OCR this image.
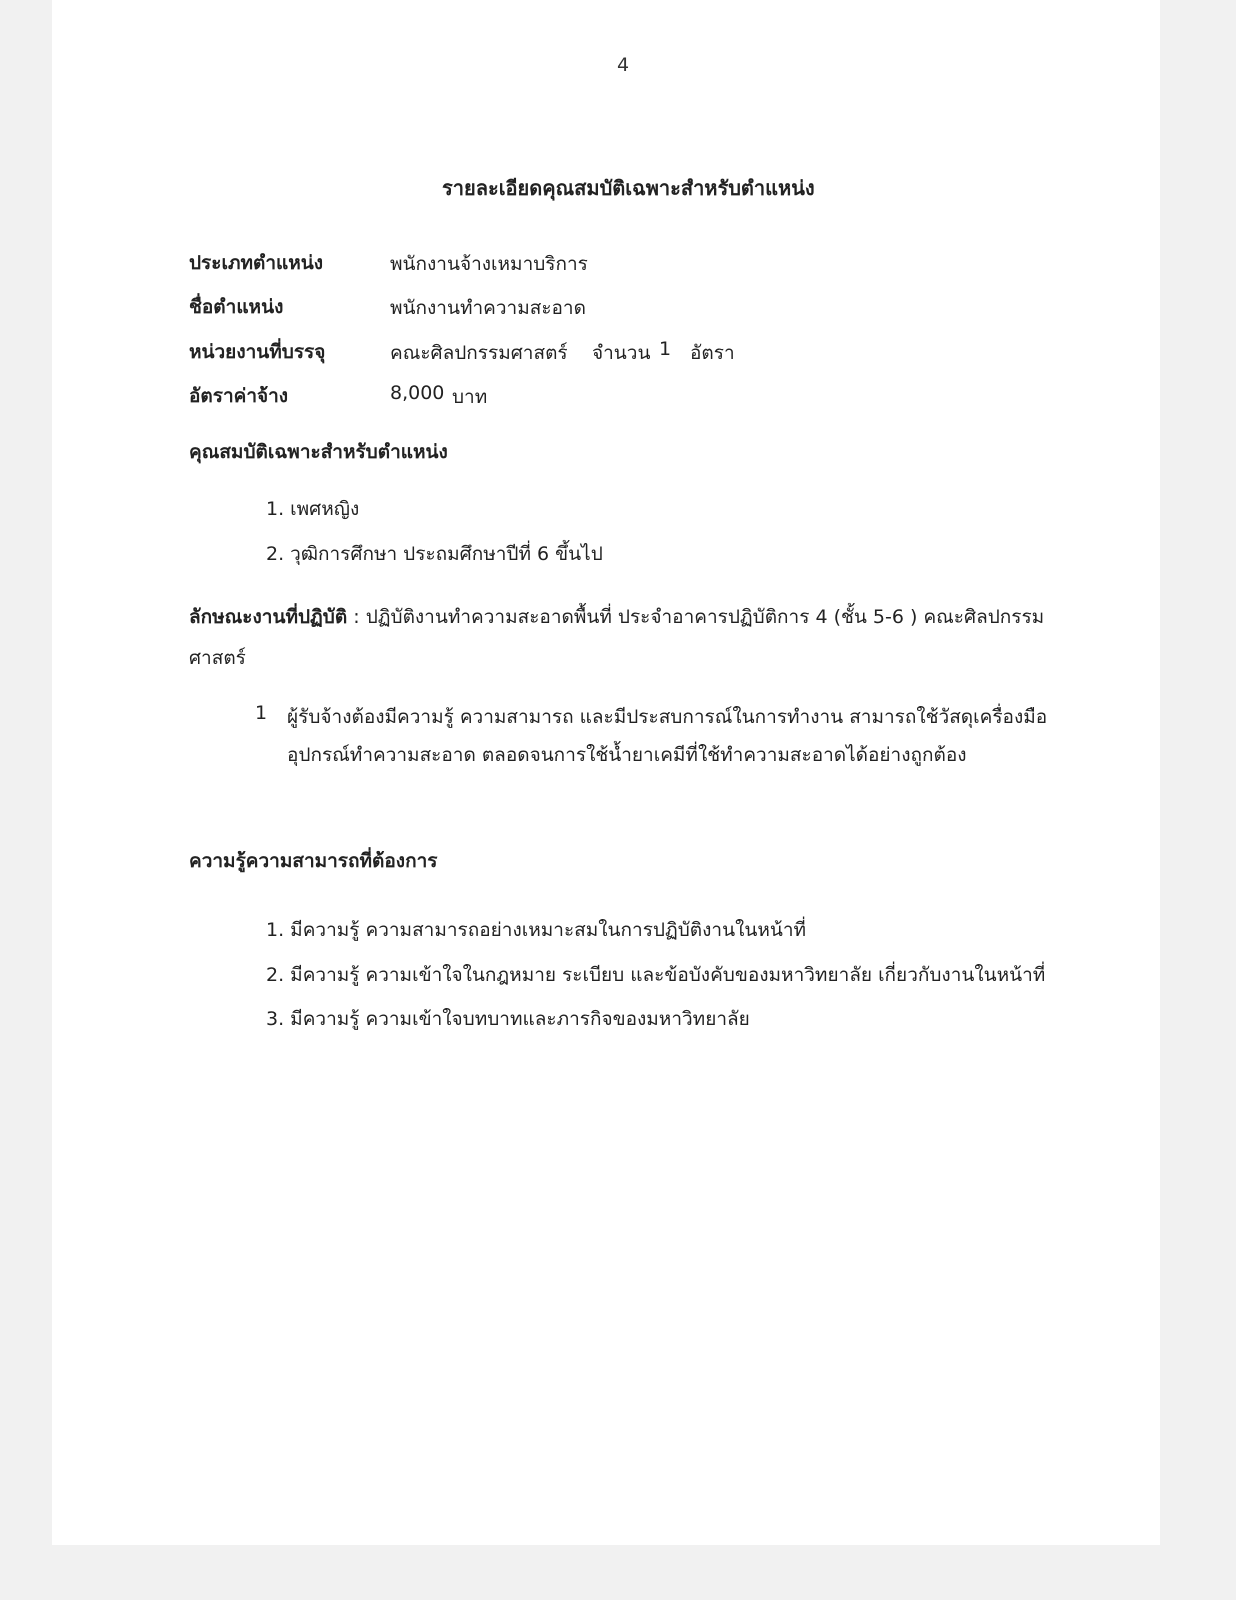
4
รายละเอียดคุณสมบัติเฉพาะสำหรับตำแหน่ง
ประเภทตำแหน่ง	พนักงานจ้างเหมาบริการ
ชื่อตำแหน่ง	พนักงานทำความสะอาด
หน่วยงานที่บรรจุ	คณะศิลปกรรมศาสตร์ จำนวน 1 อัตรา
อัตราค่าจ้าง	8,000 บาท
คุณสมบัติเฉพาะสำหรับตำแหน่ง
1. เพศหญิง
2. วุฒิการศึกษา ประถมศึกษาปีที่ 6 ขึ้นไป
ลักษณะงานที่ปฏิบัติ : ปฏิบัติงานทำความสะอาดพื้นที่ ประจำอาคารปฏิบัติการ 4 (ชั้น 5-6 ) คณะศิลปกรรม
ศาสตร์
1 ผู้รับจ้างต้องมีความรู้ ความสามารถ และมีประสบการณ์ในการทำงาน สามารถใช้วัสดุเครื่องมือ
อุปกรณ์ทำความสะอาด ตลอดจนการใช้น้ำยาเคมีที่ใช้ทำความสะอาดได้อย่างถูกต้อง
ความรู้ความสามารถที่ต้องการ
1. มีความรู้ ความสามารถอย่างเหมาะสมในการปฏิบัติงานในหน้าที่
2. มีความรู้ ความเข้าใจในกฎหมาย ระเบียบ และข้อบังคับของมหาวิทยาลัย เกี่ยวกับงานในหน้าที่
3. มีความรู้ ความเข้าใจบทบาทและภารกิจของมหาวิทยาลัย
